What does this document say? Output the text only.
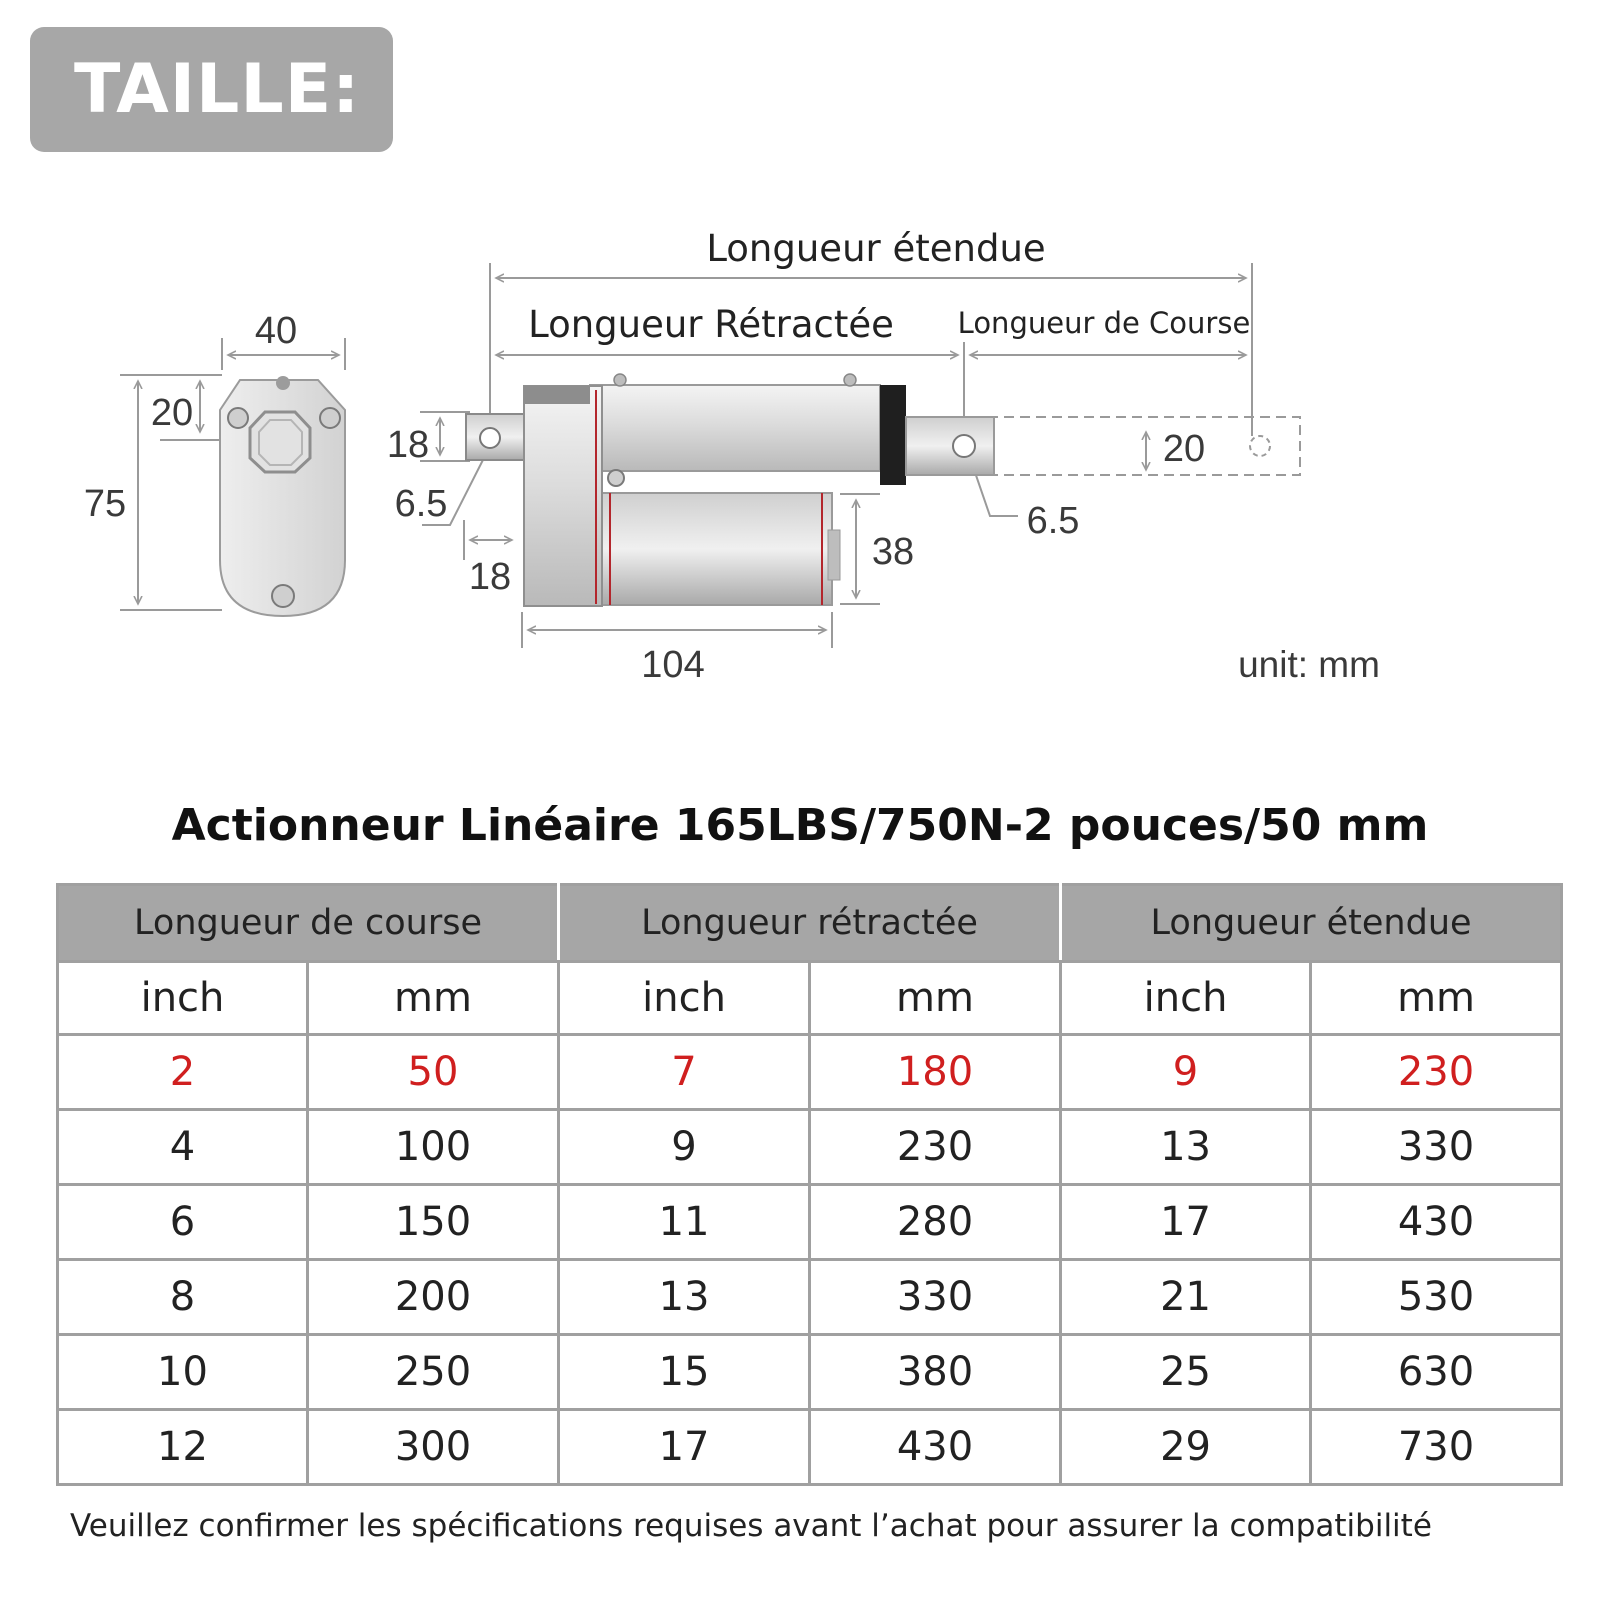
TAILLE:
Longueur étendue
Longueur Rétractée Longueur de Course
40
20
75
18
6.5
18
38
104
20
6.5
unit: mm
Actionneur Linéaire 165LBS/750N-2 pouces/50 mm
Longueur de course		Longueur rétractée		Longueur étendue	
inch	mm	inch	mm	inch	mm
2	50	7	180	9	230
4	100	9	230	13	330
6	150	11	280	17	430
8	200	13	330	21	530
10	250	15	380	25	630
12	300	17	430	29	730
Veuillez confirmer les spécifications requises avant l’achat pour assurer la compatibilité
